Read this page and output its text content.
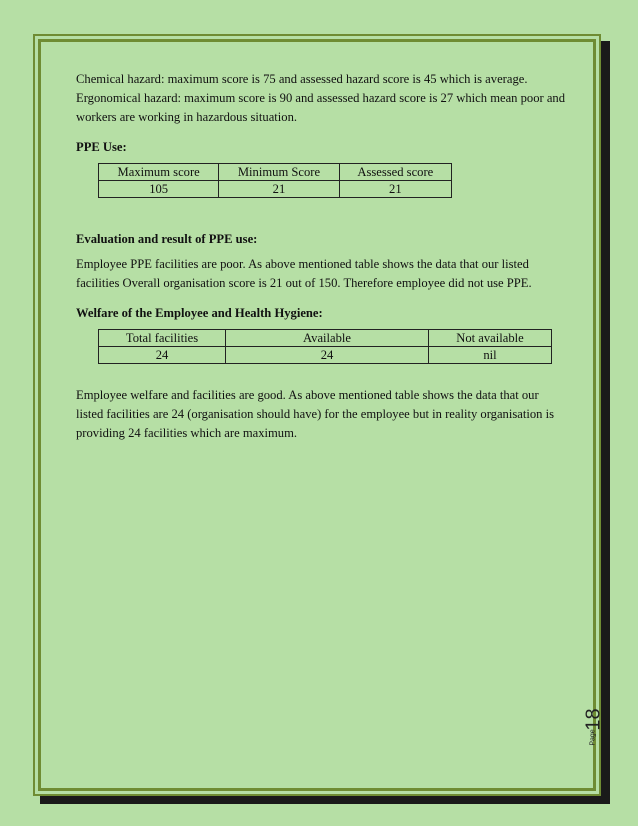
Chemical hazard: maximum score is 75 and assessed hazard score is 45 which is average.

Ergonomical hazard: maximum score is 90 and assessed hazard score is 27 which mean poor and workers are working in hazardous situation.

PPE Use:

Maximum score	Minimum Score	Assessed score
105	21	21

Evaluation and result of PPE use:

Employee PPE facilities are poor. As above mentioned table shows the data that our listed facilities Overall organisation score is 21 out of 150. Therefore employee did not use PPE.

Welfare of the Employee and Health Hygiene:

Total facilities	Available	Not available
24	24	nil

Employee welfare and facilities are good. As above mentioned table shows the data that our listed facilities are 24 (organisation should have) for the employee but in reality organisation is providing 24 facilities which are maximum.

18
Page
